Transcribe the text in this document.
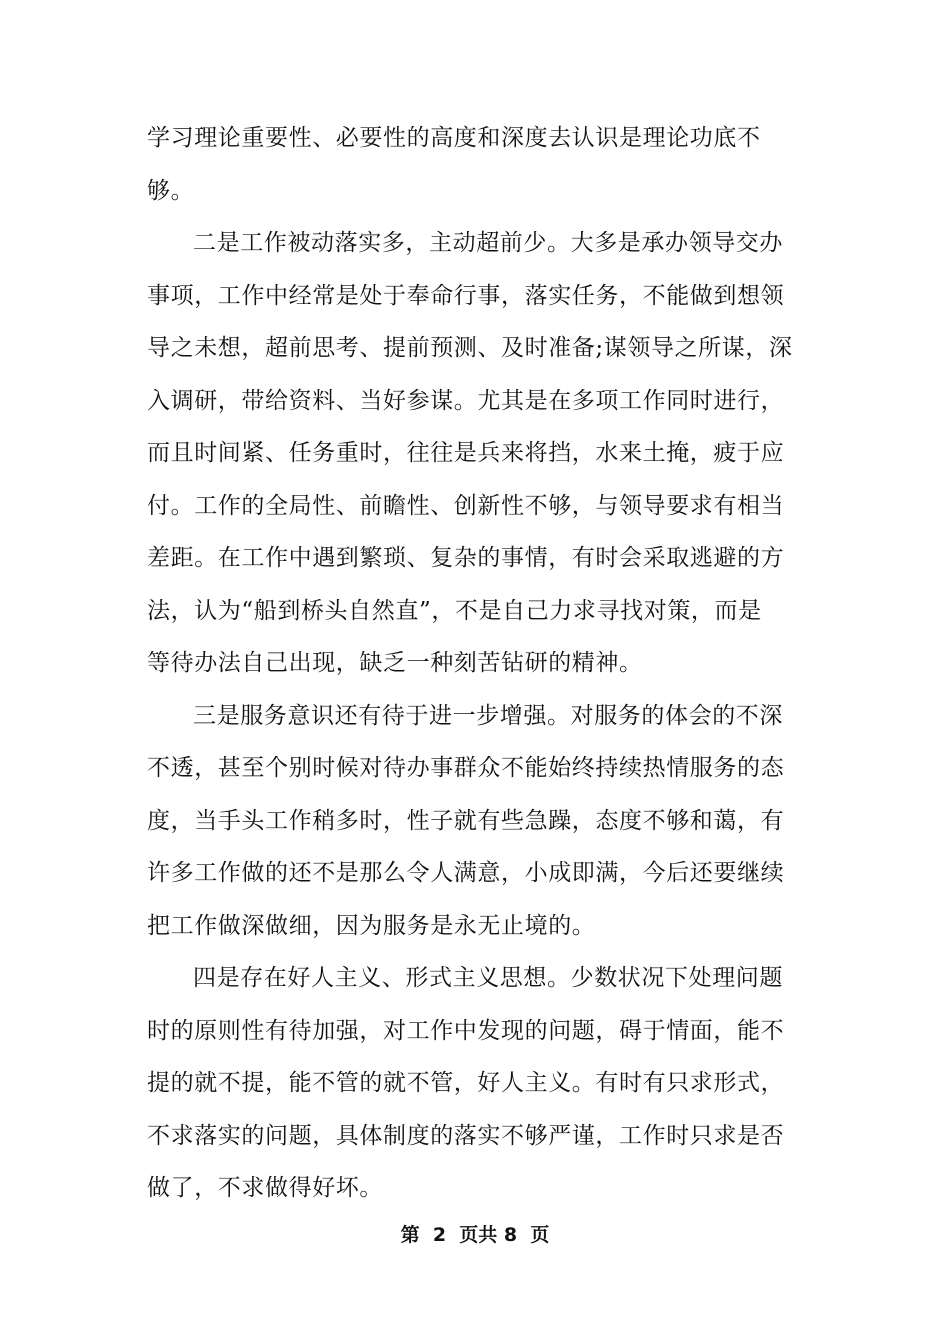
学习理论重要性、必要性的高度和深度去认识是理论功底不
够。
二是工作被动落实多，主动超前少。大多是承办领导交办
事项，工作中经常是处于奉命行事，落实任务，不能做到想领
导之未想，超前思考、提前预测、及时准备;谋领导之所谋，深
入调研，带给资料、当好参谋。尤其是在多项工作同时进行，
而且时间紧、任务重时，往往是兵来将挡，水来土掩，疲于应
付。工作的全局性、前瞻性、创新性不够，与领导要求有相当
差距。在工作中遇到繁琐、复杂的事情，有时会采取逃避的方
法，认为“船到桥头自然直”，不是自己力求寻找对策，而是
等待办法自己出现，缺乏一种刻苦钻研的精神。
三是服务意识还有待于进一步增强。对服务的体会的不深
不透，甚至个别时候对待办事群众不能始终持续热情服务的态
度，当手头工作稍多时，性子就有些急躁，态度不够和蔼，有
许多工作做的还不是那么令人满意，小成即满，今后还要继续
把工作做深做细，因为服务是永无止境的。
四是存在好人主义、形式主义思想。少数状况下处理问题
时的原则性有待加强，对工作中发现的问题，碍于情面，能不
提的就不提，能不管的就不管，好人主义。有时有只求形式，
不求落实的问题，具体制度的落实不够严谨，工作时只求是否
做了，不求做得好坏。
第  2  页共 8  页
